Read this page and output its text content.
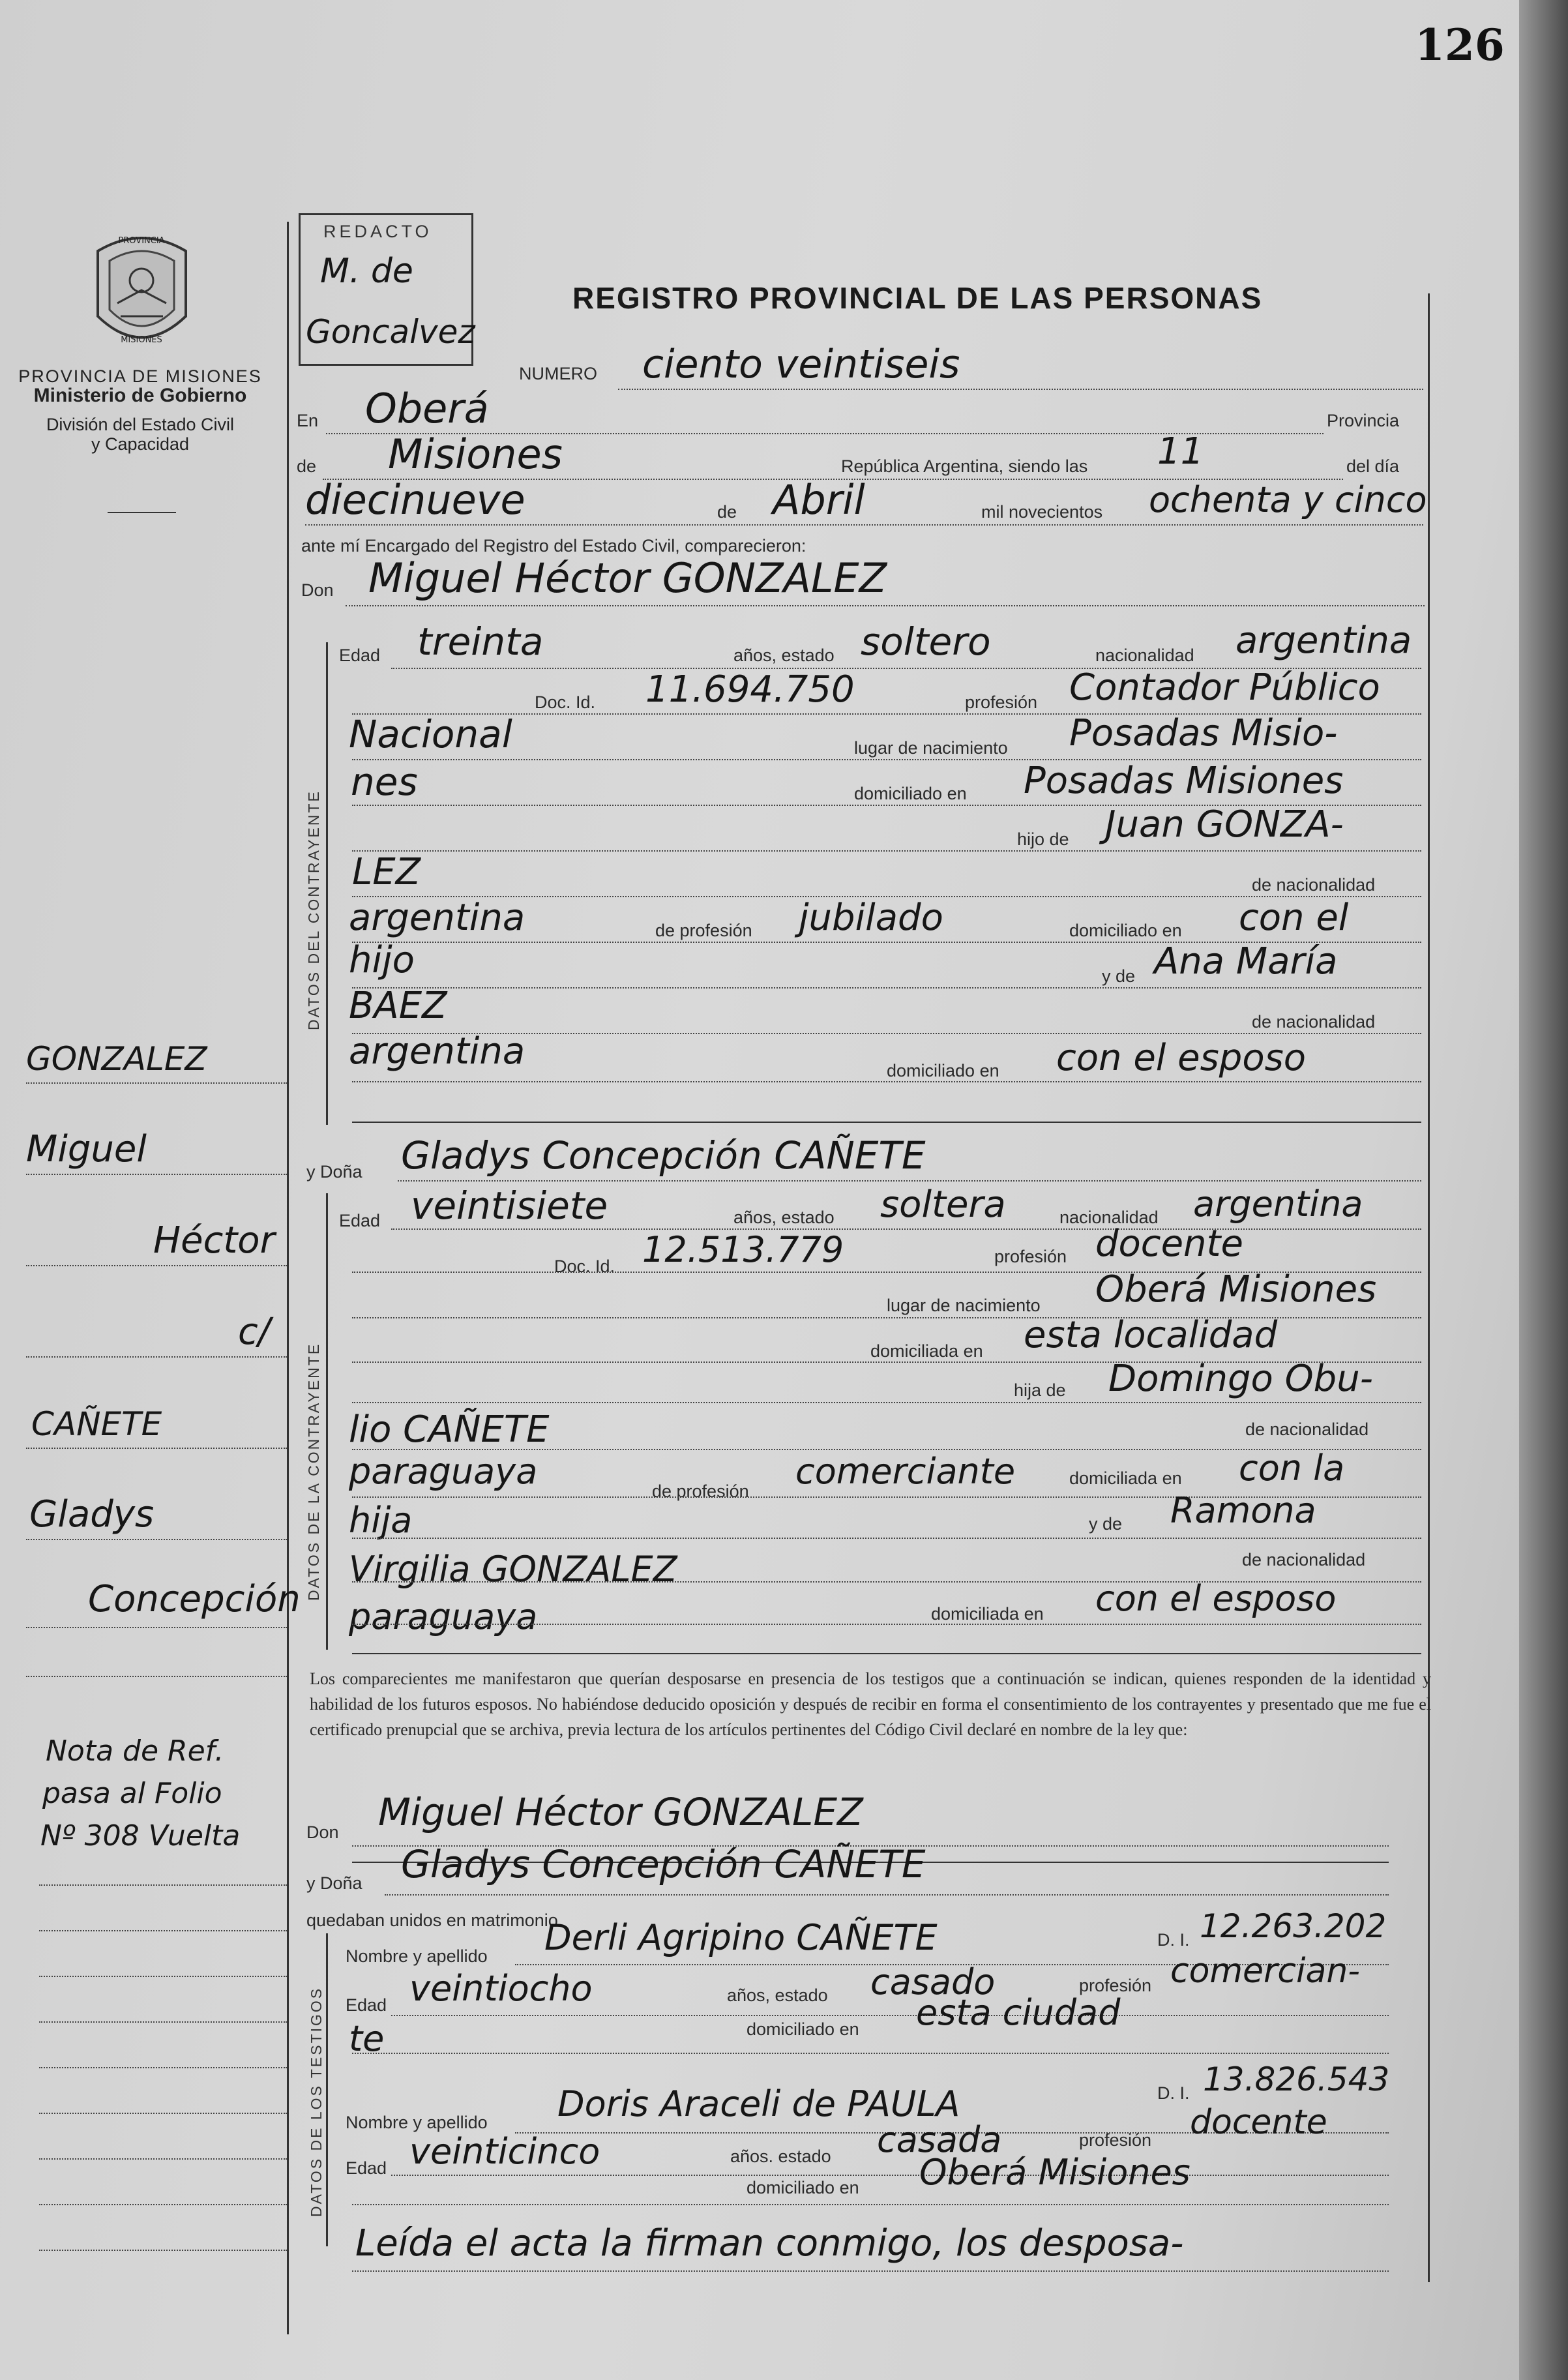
126
PROVINCIA
MISIONES
PROVINCIA DE MISIONES
Ministerio de Gobierno
División del Estado Civil
y Capacidad
REDACTO
M. de
Goncalvez
REGISTRO PROVINCIAL DE LAS PERSONAS
NUMERO ciento veintiseis
En Oberá	Provincia
de Misiones	República Argentina, siendo las 11	del día
diecinueve	de Abril	mil novecientos ochenta y cinco
ante mí Encargado del Registro del Estado Civil, comparecieron:
Don Miguel Héctor GONZALEZ
DATOS DEL CONTRAYENTE
Edad treinta	años, estado soltero	nacionalidad argentina
Doc. Id. 11.694.750	profesión Contador Público
Nacional	lugar de nacimiento Posadas Misio-
nes	domiciliado en Posadas Misiones
hijo de Juan GONZA-
LEZ	de nacionalidad
argentina	de profesión jubilado	domiciliado en con el
hijo	y de Ana María
BAEZ	de nacionalidad
argentina	domiciliado en con el esposo
y Doña Gladys Concepción CAÑETE
DATOS DE LA CONTRAYENTE
Edad veintisiete	años, estado soltera	nacionalidad argentina
Doc. Id. 12.513.779	profesión docente
lugar de nacimiento Oberá Misiones
domiciliada en esta localidad
hija de Domingo Obu-
lio CAÑETE	de nacionalidad
paraguaya	de profesión comerciante	domiciliada en con la
hija	y de Ramona
Virgilia GONZALEZ	de nacionalidad
paraguaya	domiciliada en con el esposo
Los comparecientes me manifestaron que querían desposarse en presencia de los testigos que a continuación se indican, quienes responden de la identidad y habilidad de los futuros esposos. No habiéndose deducido oposición y después de recibir en forma el consentimiento de los contrayentes y presentado que me fue el certificado prenupcial que se archiva, previa lectura de los artículos pertinentes del Código Civil declaré en nombre de la ley que:
Don Miguel Héctor GONZALEZ
y Doña Gladys Concepción CAÑETE
quedaban unidos en matrimonio.
DATOS DE LOS TESTIGOS
Nombre y apellido Derli Agripino CAÑETE	D. I. 12.263.202
Edad veintiocho	años, estado casado	profesión comercian-
te	domiciliado en esta ciudad
Nombre y apellido Doris Araceli de PAULA	D. I. 13.826.543
Edad veinticinco	años. estado casada	profesión docente
domiciliado en Oberá Misiones
Leída el acta la firman conmigo, los desposa-
GONZALEZ
Miguel
Héctor
c/
CAÑETE
Gladys
Concepción
Nota de Ref.
pasa al Folio
Nº 308 Vuelta
